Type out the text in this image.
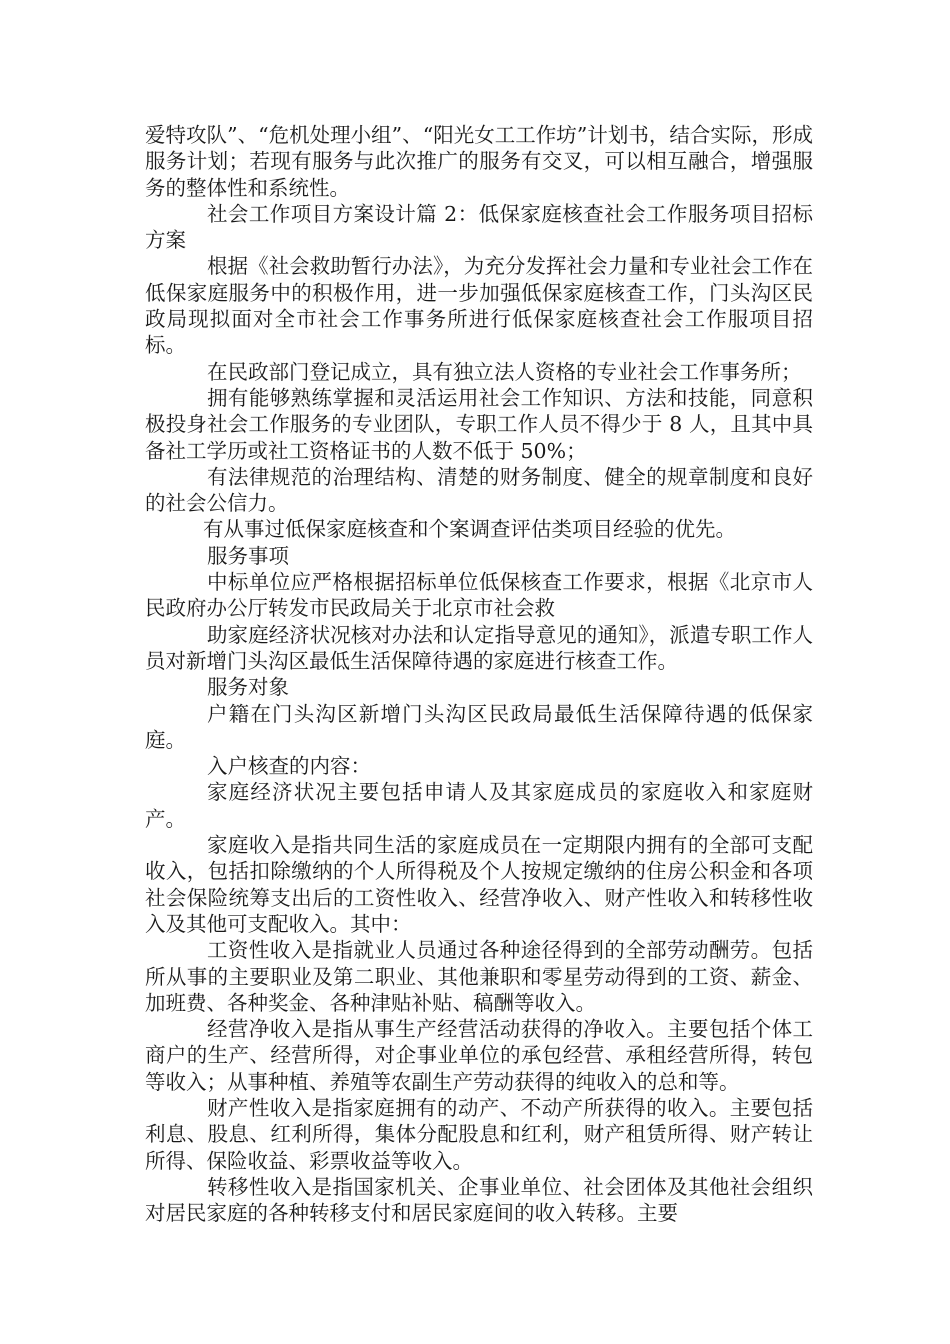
爱特攻队”、“危机处理小组”、“阳光女工工作坊”计划书，结合实际，形成服务计划；若现有服务与此次推广的服务有交叉，可以相互融合，增强服务的整体性和系统性。

社会工作项目方案设计篇 2：低保家庭核查社会工作服务项目招标方案

根据《社会救助暂行办法》，为充分发挥社会力量和专业社会工作在低保家庭服务中的积极作用，进一步加强低保家庭核查工作，门头沟区民政局现拟面对全市社会工作事务所进行低保家庭核查社会工作服项目招标。

在民政部门登记成立，具有独立法人资格的专业社会工作事务所；

拥有能够熟练掌握和灵活运用社会工作知识、方法和技能，同意积极投身社会工作服务的专业团队，专职工作人员不得少于 8 人，且其中具备社工学历或社工资格证书的人数不低于 50%；

有法律规范的治理结构、清楚的财务制度、健全的规章制度和良好的社会公信力。

有从事过低保家庭核查和个案调查评估类项目经验的优先。

服务事项

中标单位应严格根据招标单位低保核查工作要求，根据《北京市人民政府办公厅转发市民政局关于北京市社会救

助家庭经济状况核对办法和认定指导意见的通知》，派遣专职工作人员对新增门头沟区最低生活保障待遇的家庭进行核查工作。

服务对象

户籍在门头沟区新增门头沟区民政局最低生活保障待遇的低保家庭。

入户核查的内容：

家庭经济状况主要包括申请人及其家庭成员的家庭收入和家庭财产。

家庭收入是指共同生活的家庭成员在一定期限内拥有的全部可支配收入，包括扣除缴纳的个人所得税及个人按规定缴纳的住房公积金和各项社会保险统筹支出后的工资性收入、经营净收入、财产性收入和转移性收入及其他可支配收入。其中：

工资性收入是指就业人员通过各种途径得到的全部劳动酬劳。包括所从事的主要职业及第二职业、其他兼职和零星劳动得到的工资、薪金、加班费、各种奖金、各种津贴补贴、稿酬等收入。

经营净收入是指从事生产经营活动获得的净收入。主要包括个体工商户的生产、经营所得，对企事业单位的承包经营、承租经营所得，转包等收入；从事种植、养殖等农副生产劳动获得的纯收入的总和等。

财产性收入是指家庭拥有的动产、不动产所获得的收入。主要包括利息、股息、红利所得，集体分配股息和红利，财产租赁所得、财产转让所得、保险收益、彩票收益等收入。

转移性收入是指国家机关、企事业单位、社会团体及其他社会组织对居民家庭的各种转移支付和居民家庭间的收入转移。主要
